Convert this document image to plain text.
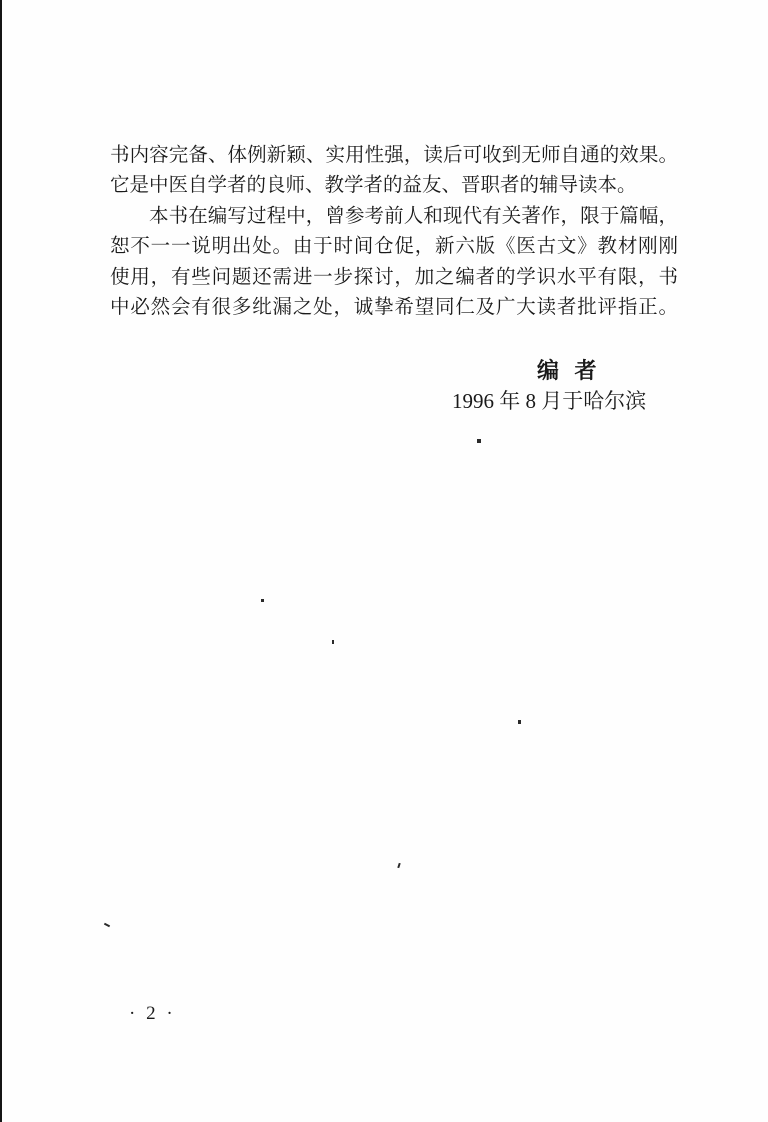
书内容完备、体例新颖、实用性强，读后可收到无师自通的效果。
它是中医自学者的良师、教学者的益友、晋职者的辅导读本。
本书在编写过程中，曾参考前人和现代有关著作，限于篇幅，
恕不一一说明出处。由于时间仓促，新六版《医古文》教材刚刚
使用，有些问题还需进一步探讨，加之编者的学识水平有限，书
中必然会有很多纰漏之处，诚挚希望同仁及广大读者批评指正。
编 者
1996 年 8 月于哈尔滨
· 2 ·
